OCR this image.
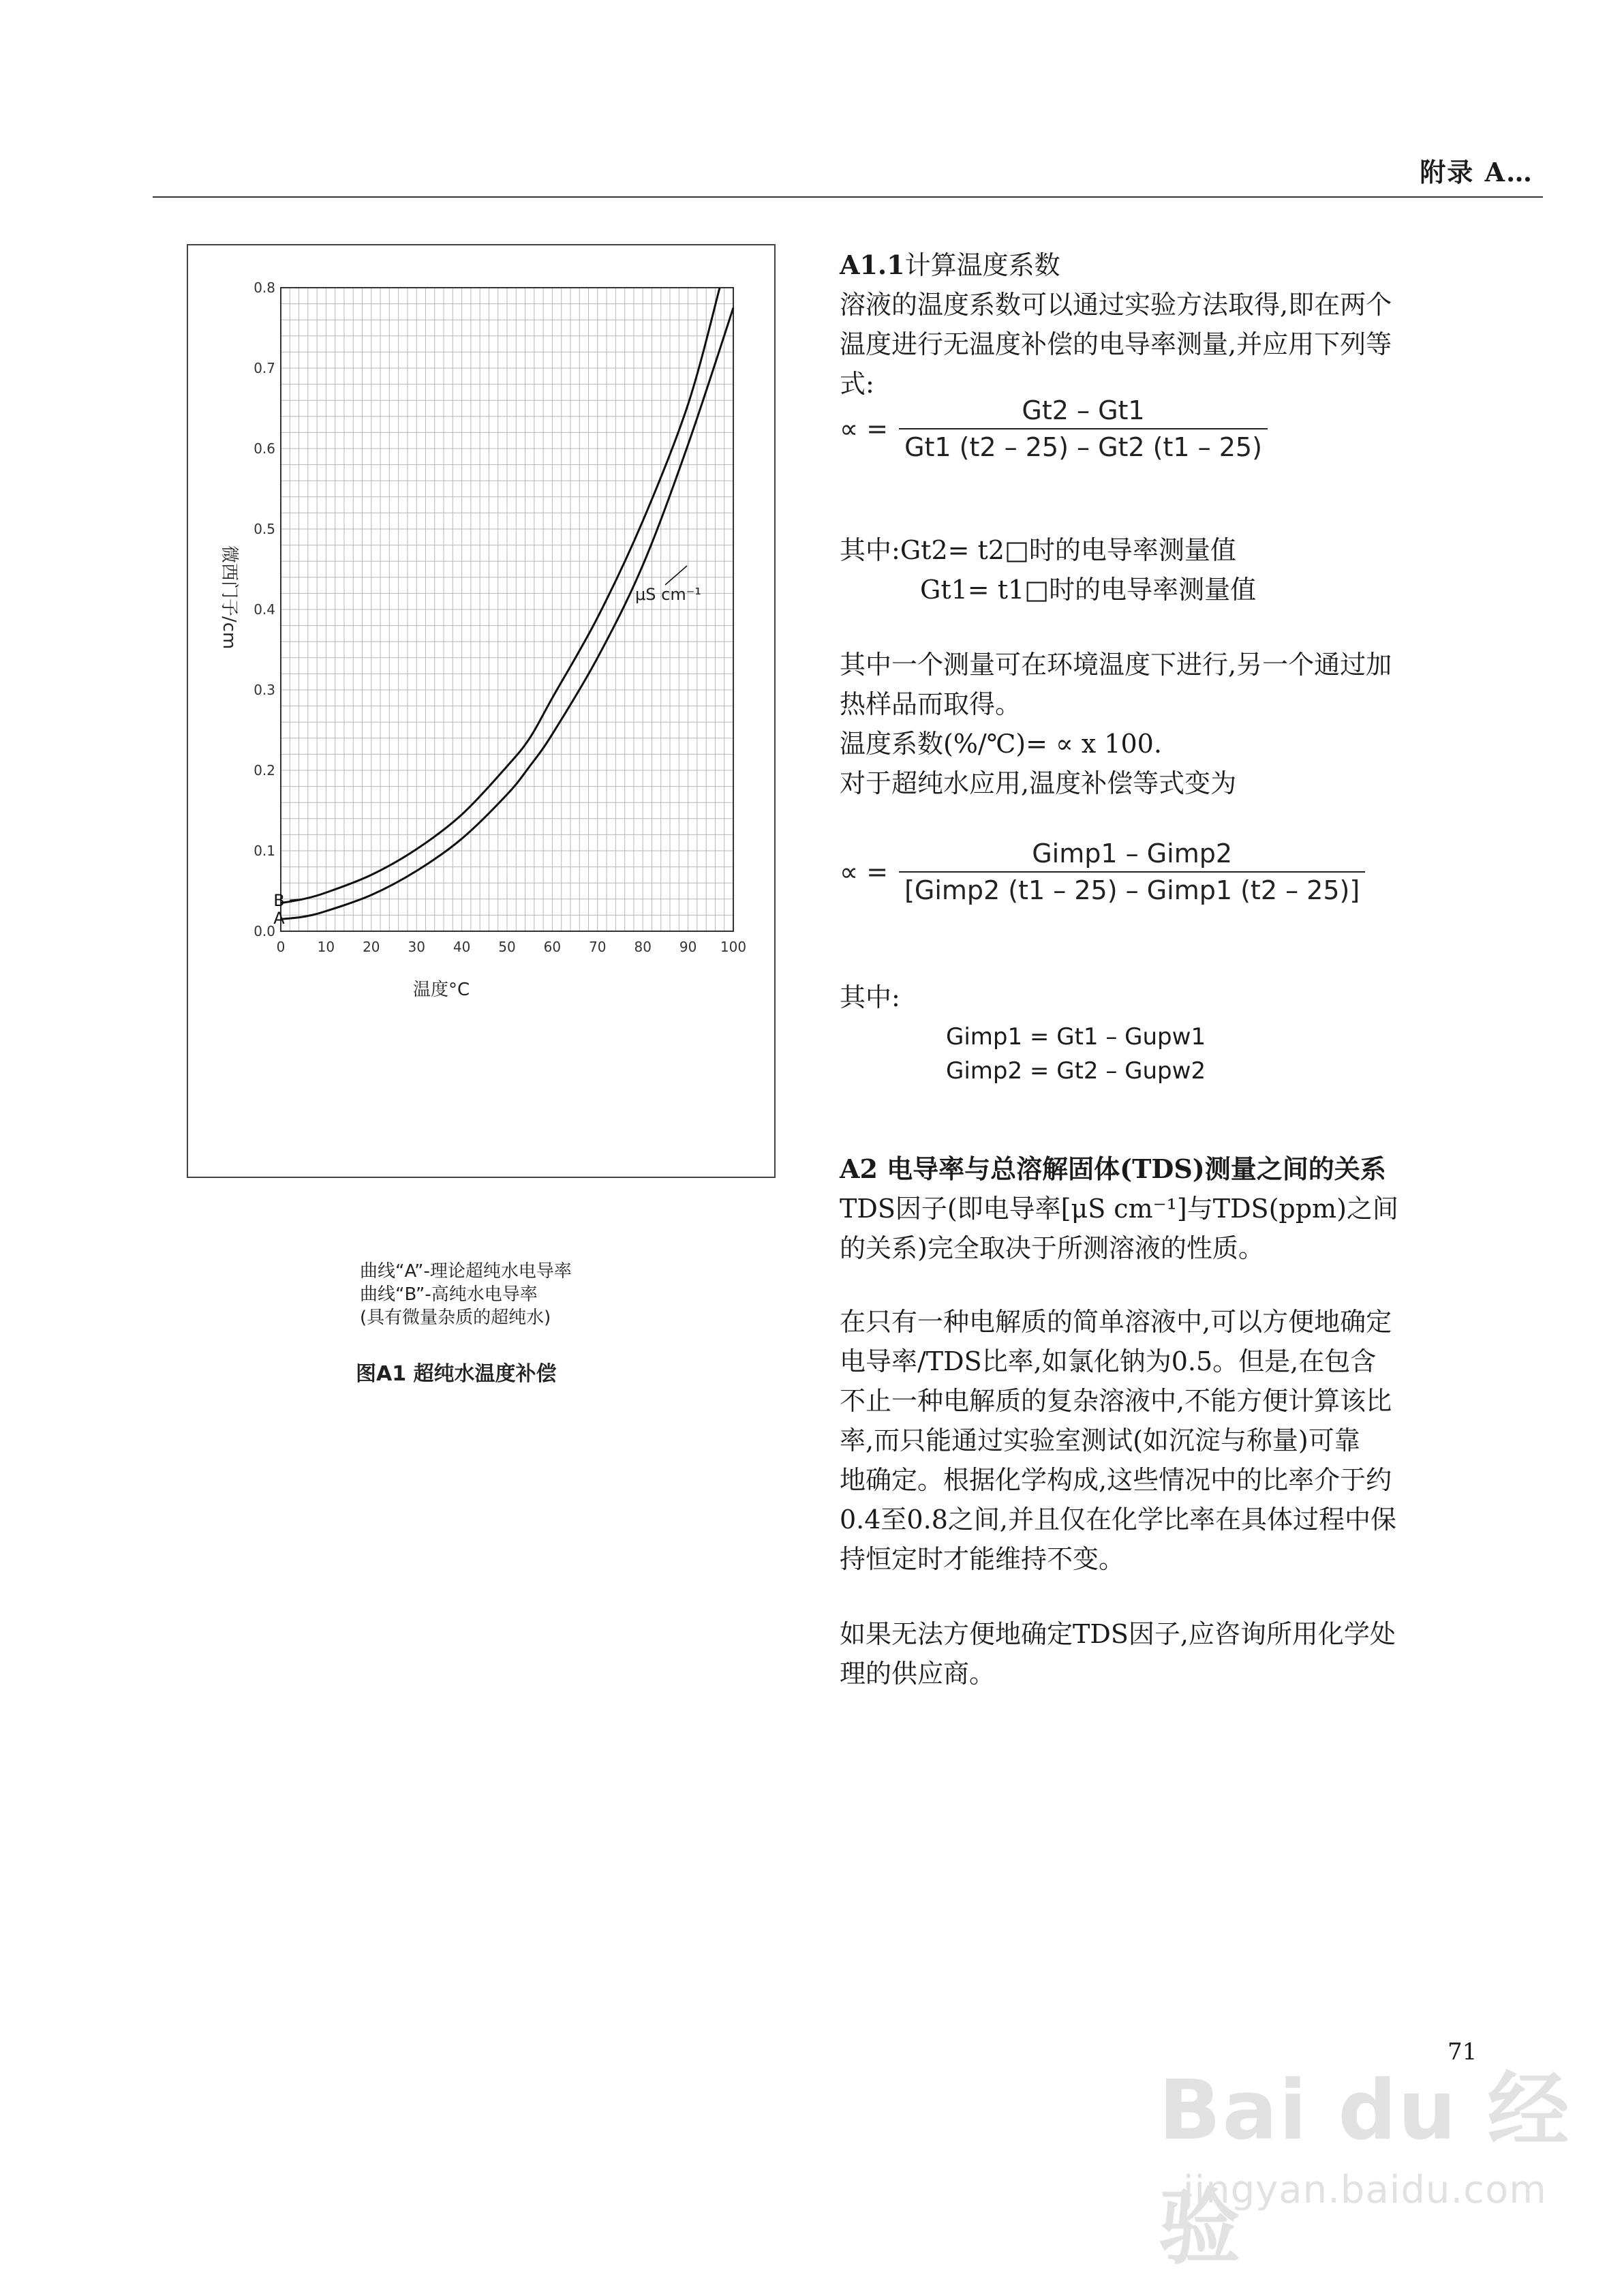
附录 A…
0 10 20 30 40 50 60 70 80 90 100
0.0
0.1
0.2
0.3
0.4
0.5
0.6
0.7
0.8
A
B
微西门子/cm
温度°C
μS cm⁻¹
曲线“A”-理论超纯水电导率
曲线“B”-高纯水电导率
(具有微量杂质的超纯水)
图A1 超纯水温度补偿
A1.1计算温度系数
溶液的温度系数可以通过实验方法取得,即在两个
温度进行无温度补偿的电导率测量,并应用下列等
式:
∝ = $\frac{Gt2 - Gt1}{Gt1 (t2 - 25) - Gt2 (t1 - 25)}$
其中:Gt2= t2□时的电导率测量值
Gt1= t1□时的电导率测量值
其中一个测量可在环境温度下进行,另一个通过加
热样品而取得。
温度系数(%/℃)= ∝ x 100.
对于超纯水应用,温度补偿等式变为
∝ = $\frac{\text{Gimp1 – Gimp2}}{\text{[Gimp2 (t1 – 25) – Gimp1 (t2 – 25)]}}$
其中:
Gimp1 = Gt1 – Gupw1
Gimp2 = Gt2 – Gupw2
A2 电导率与总溶解固体(TDS)测量之间的关系
TDS因子(即电导率[μS cm⁻¹]与TDS(ppm)之间
的关系)完全取决于所测溶液的性质。
在只有一种电解质的简单溶液中,可以方便地确定
电导率/TDS比率,如氯化钠为0.5。但是,在包含
不止一种电解质的复杂溶液中,不能方便计算该比
率,而只能通过实验室测试(如沉淀与称量)可靠
地确定。根据化学构成,这些情况中的比率介于约
0.4至0.8之间,并且仅在化学比率在具体过程中保
持恒定时才能维持不变。
如果无法方便地确定TDS因子,应咨询所用化学处
理的供应商。
71
Bai du 经验
jingyan.baidu.com
